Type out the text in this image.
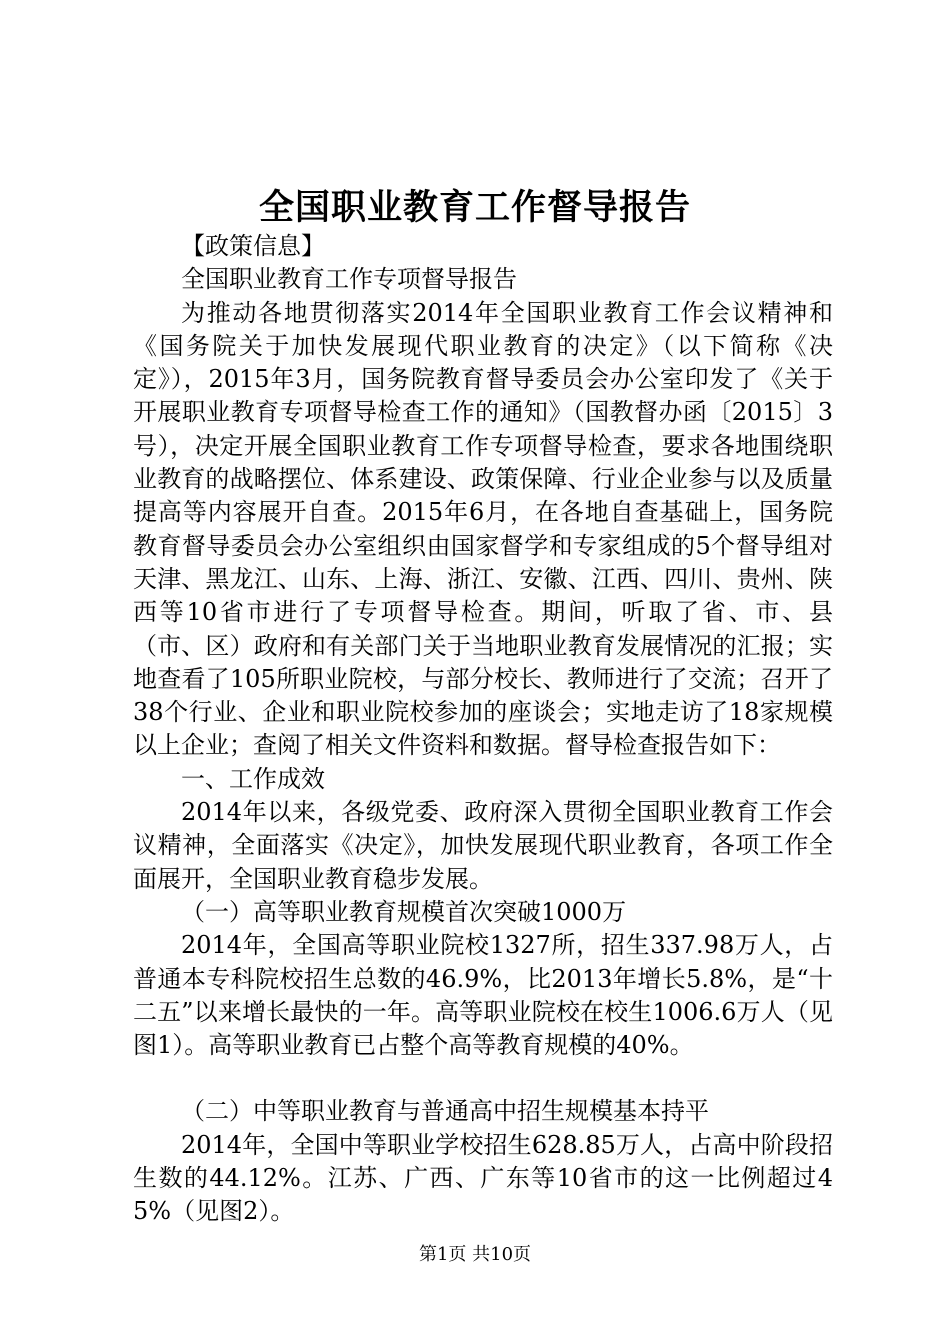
全国职业教育工作督导报告

【政策信息】

全国职业教育工作专项督导报告

为推动各地贯彻落实2014年全国职业教育工作会议精神和《国务院关于加快发展现代职业教育的决定》（以下简称《决定》），2015年3月，国务院教育督导委员会办公室印发了《关于开展职业教育专项督导检查工作的通知》（国教督办函〔2015〕3号），决定开展全国职业教育工作专项督导检查，要求各地围绕职业教育的战略摆位、体系建设、政策保障、行业企业参与以及质量提高等内容展开自查。2015年6月，在各地自查基础上，国务院教育督导委员会办公室组织由国家督学和专家组成的5个督导组对天津、黑龙江、山东、上海、浙江、安徽、江西、四川、贵州、陕西等10省市进行了专项督导检查。期间，听取了省、市、县（市、区）政府和有关部门关于当地职业教育发展情况的汇报；实地查看了105所职业院校，与部分校长、教师进行了交流；召开了38个行业、企业和职业院校参加的座谈会；实地走访了18家规模以上企业；查阅了相关文件资料和数据。督导检查报告如下：

一、工作成效

2014年以来，各级党委、政府深入贯彻全国职业教育工作会议精神，全面落实《决定》，加快发展现代职业教育，各项工作全面展开，全国职业教育稳步发展。

（一）高等职业教育规模首次突破1000万

2014年，全国高等职业院校1327所，招生337.98万人，占普通本专科院校招生总数的46.9%，比2013年增长5.8%，是“十二五”以来增长最快的一年。高等职业院校在校生1006.6万人（见图1）。高等职业教育已占整个高等教育规模的40%。

（二）中等职业教育与普通高中招生规模基本持平

2014年，全国中等职业学校招生628.85万人，占高中阶段招生数的44.12%。江苏、广西、广东等10省市的这一比例超过45%（见图2）。

第1页 共10页
